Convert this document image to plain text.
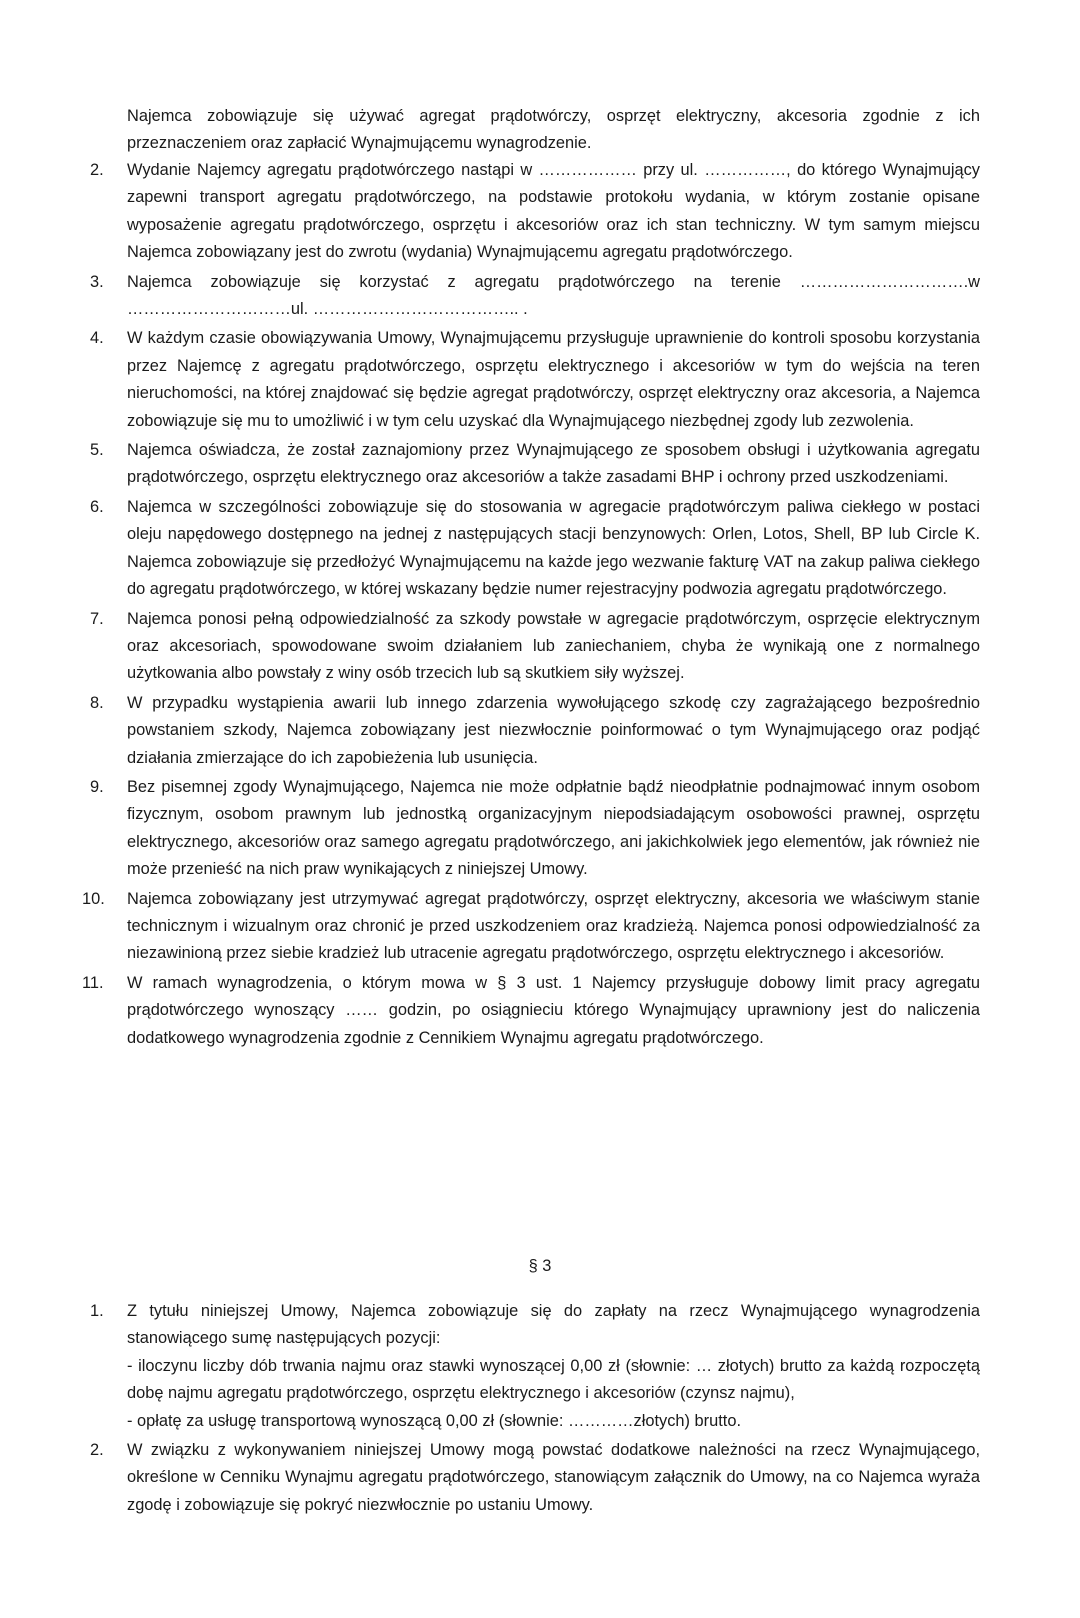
Najemca zobowiązuje się używać agregat prądotwórczy, osprzęt elektryczny, akcesoria zgodnie z ich przeznaczeniem oraz zapłacić Wynajmującemu wynagrodzenie.

2. Wydanie Najemcy agregatu prądotwórczego nastąpi w ……………… przy ul. ……………, do którego Wynajmujący zapewni transport agregatu prądotwórczego, na podstawie protokołu wydania, w którym zostanie opisane wyposażenie agregatu prądotwórczego, osprzętu i akcesoriów oraz ich stan techniczny. W tym samym miejscu Najemca zobowiązany jest do zwrotu (wydania) Wynajmującemu agregatu prądotwórczego.
3. Najemca zobowiązuje się korzystać z agregatu prądotwórczego na terenie ………………………….w …………………………ul. ……………………………….. .
4. W każdym czasie obowiązywania Umowy, Wynajmującemu przysługuje uprawnienie do kontroli sposobu korzystania przez Najemcę z agregatu prądotwórczego, osprzętu elektrycznego i akcesoriów w tym do wejścia na teren nieruchomości, na której znajdować się będzie agregat prądotwórczy, osprzęt elektryczny oraz akcesoria, a Najemca zobowiązuje się mu to umożliwić i w tym celu uzyskać dla Wynajmującego niezbędnej zgody lub zezwolenia.
5. Najemca oświadcza, że został zaznajomiony przez Wynajmującego ze sposobem obsługi i użytkowania agregatu prądotwórczego, osprzętu elektrycznego oraz akcesoriów a także zasadami BHP i ochrony przed uszkodzeniami.
6. Najemca w szczególności zobowiązuje się do stosowania w agregacie prądotwórczym paliwa ciekłego w postaci oleju napędowego dostępnego na jednej z następujących stacji benzynowych: Orlen, Lotos, Shell, BP lub Circle K. Najemca zobowiązuje się przedłożyć Wynajmującemu na każde jego wezwanie fakturę VAT na zakup paliwa ciekłego do agregatu prądotwórczego, w której wskazany będzie numer rejestracyjny podwozia agregatu prądotwórczego.
7. Najemca ponosi pełną odpowiedzialność za szkody powstałe w agregacie prądotwórczym, osprzęcie elektrycznym oraz akcesoriach, spowodowane swoim działaniem lub zaniechaniem, chyba że wynikają one z normalnego użytkowania albo powstały z winy osób trzecich lub są skutkiem siły wyższej.
8. W przypadku wystąpienia awarii lub innego zdarzenia wywołującego szkodę czy zagrażającego bezpośrednio powstaniem szkody, Najemca zobowiązany jest niezwłocznie poinformować o tym Wynajmującego oraz podjąć działania zmierzające do ich zapobieżenia lub usunięcia.
9. Bez pisemnej zgody Wynajmującego, Najemca nie może odpłatnie bądź nieodpłatnie podnajmować innym osobom fizycznym, osobom prawnym lub jednostką organizacyjnym niepodsiadającym osobowości prawnej, osprzętu elektrycznego, akcesoriów oraz samego agregatu prądotwórczego, ani jakichkolwiek jego elementów, jak również nie może przenieść na nich praw wynikających z niniejszej Umowy.
10. Najemca zobowiązany jest utrzymywać agregat prądotwórczy, osprzęt elektryczny, akcesoria we właściwym stanie technicznym i wizualnym oraz chronić je przed uszkodzeniem oraz kradzieżą. Najemca ponosi odpowiedzialność za niezawinioną przez siebie kradzież lub utracenie agregatu prądotwórczego, osprzętu elektrycznego i akcesoriów.
11. W ramach wynagrodzenia, o którym mowa w § 3 ust. 1 Najemcy przysługuje dobowy limit pracy agregatu prądotwórczego wynoszący …… godzin, po osiągnieciu którego Wynajmujący uprawniony jest do naliczenia dodatkowego wynagrodzenia zgodnie z Cennikiem Wynajmu agregatu prądotwórczego.
§ 3
1. Z tytułu niniejszej Umowy, Najemca zobowiązuje się do zapłaty na rzecz Wynajmującego wynagrodzenia stanowiącego sumę następujących pozycji:
- iloczynu liczby dób trwania najmu oraz stawki wynoszącej 0,00 zł (słownie: … złotych) brutto za każdą rozpoczętą dobę najmu agregatu prądotwórczego, osprzętu elektrycznego i akcesoriów (czynsz najmu),
- opłatę za usługę transportową wynoszącą 0,00 zł (słownie: …………złotych) brutto.
2. W związku z wykonywaniem niniejszej Umowy mogą powstać dodatkowe należności na rzecz Wynajmującego, określone w Cenniku Wynajmu agregatu prądotwórczego, stanowiącym załącznik do Umowy, na co Najemca wyraża zgodę i zobowiązuje się pokryć niezwłocznie po ustaniu Umowy.
